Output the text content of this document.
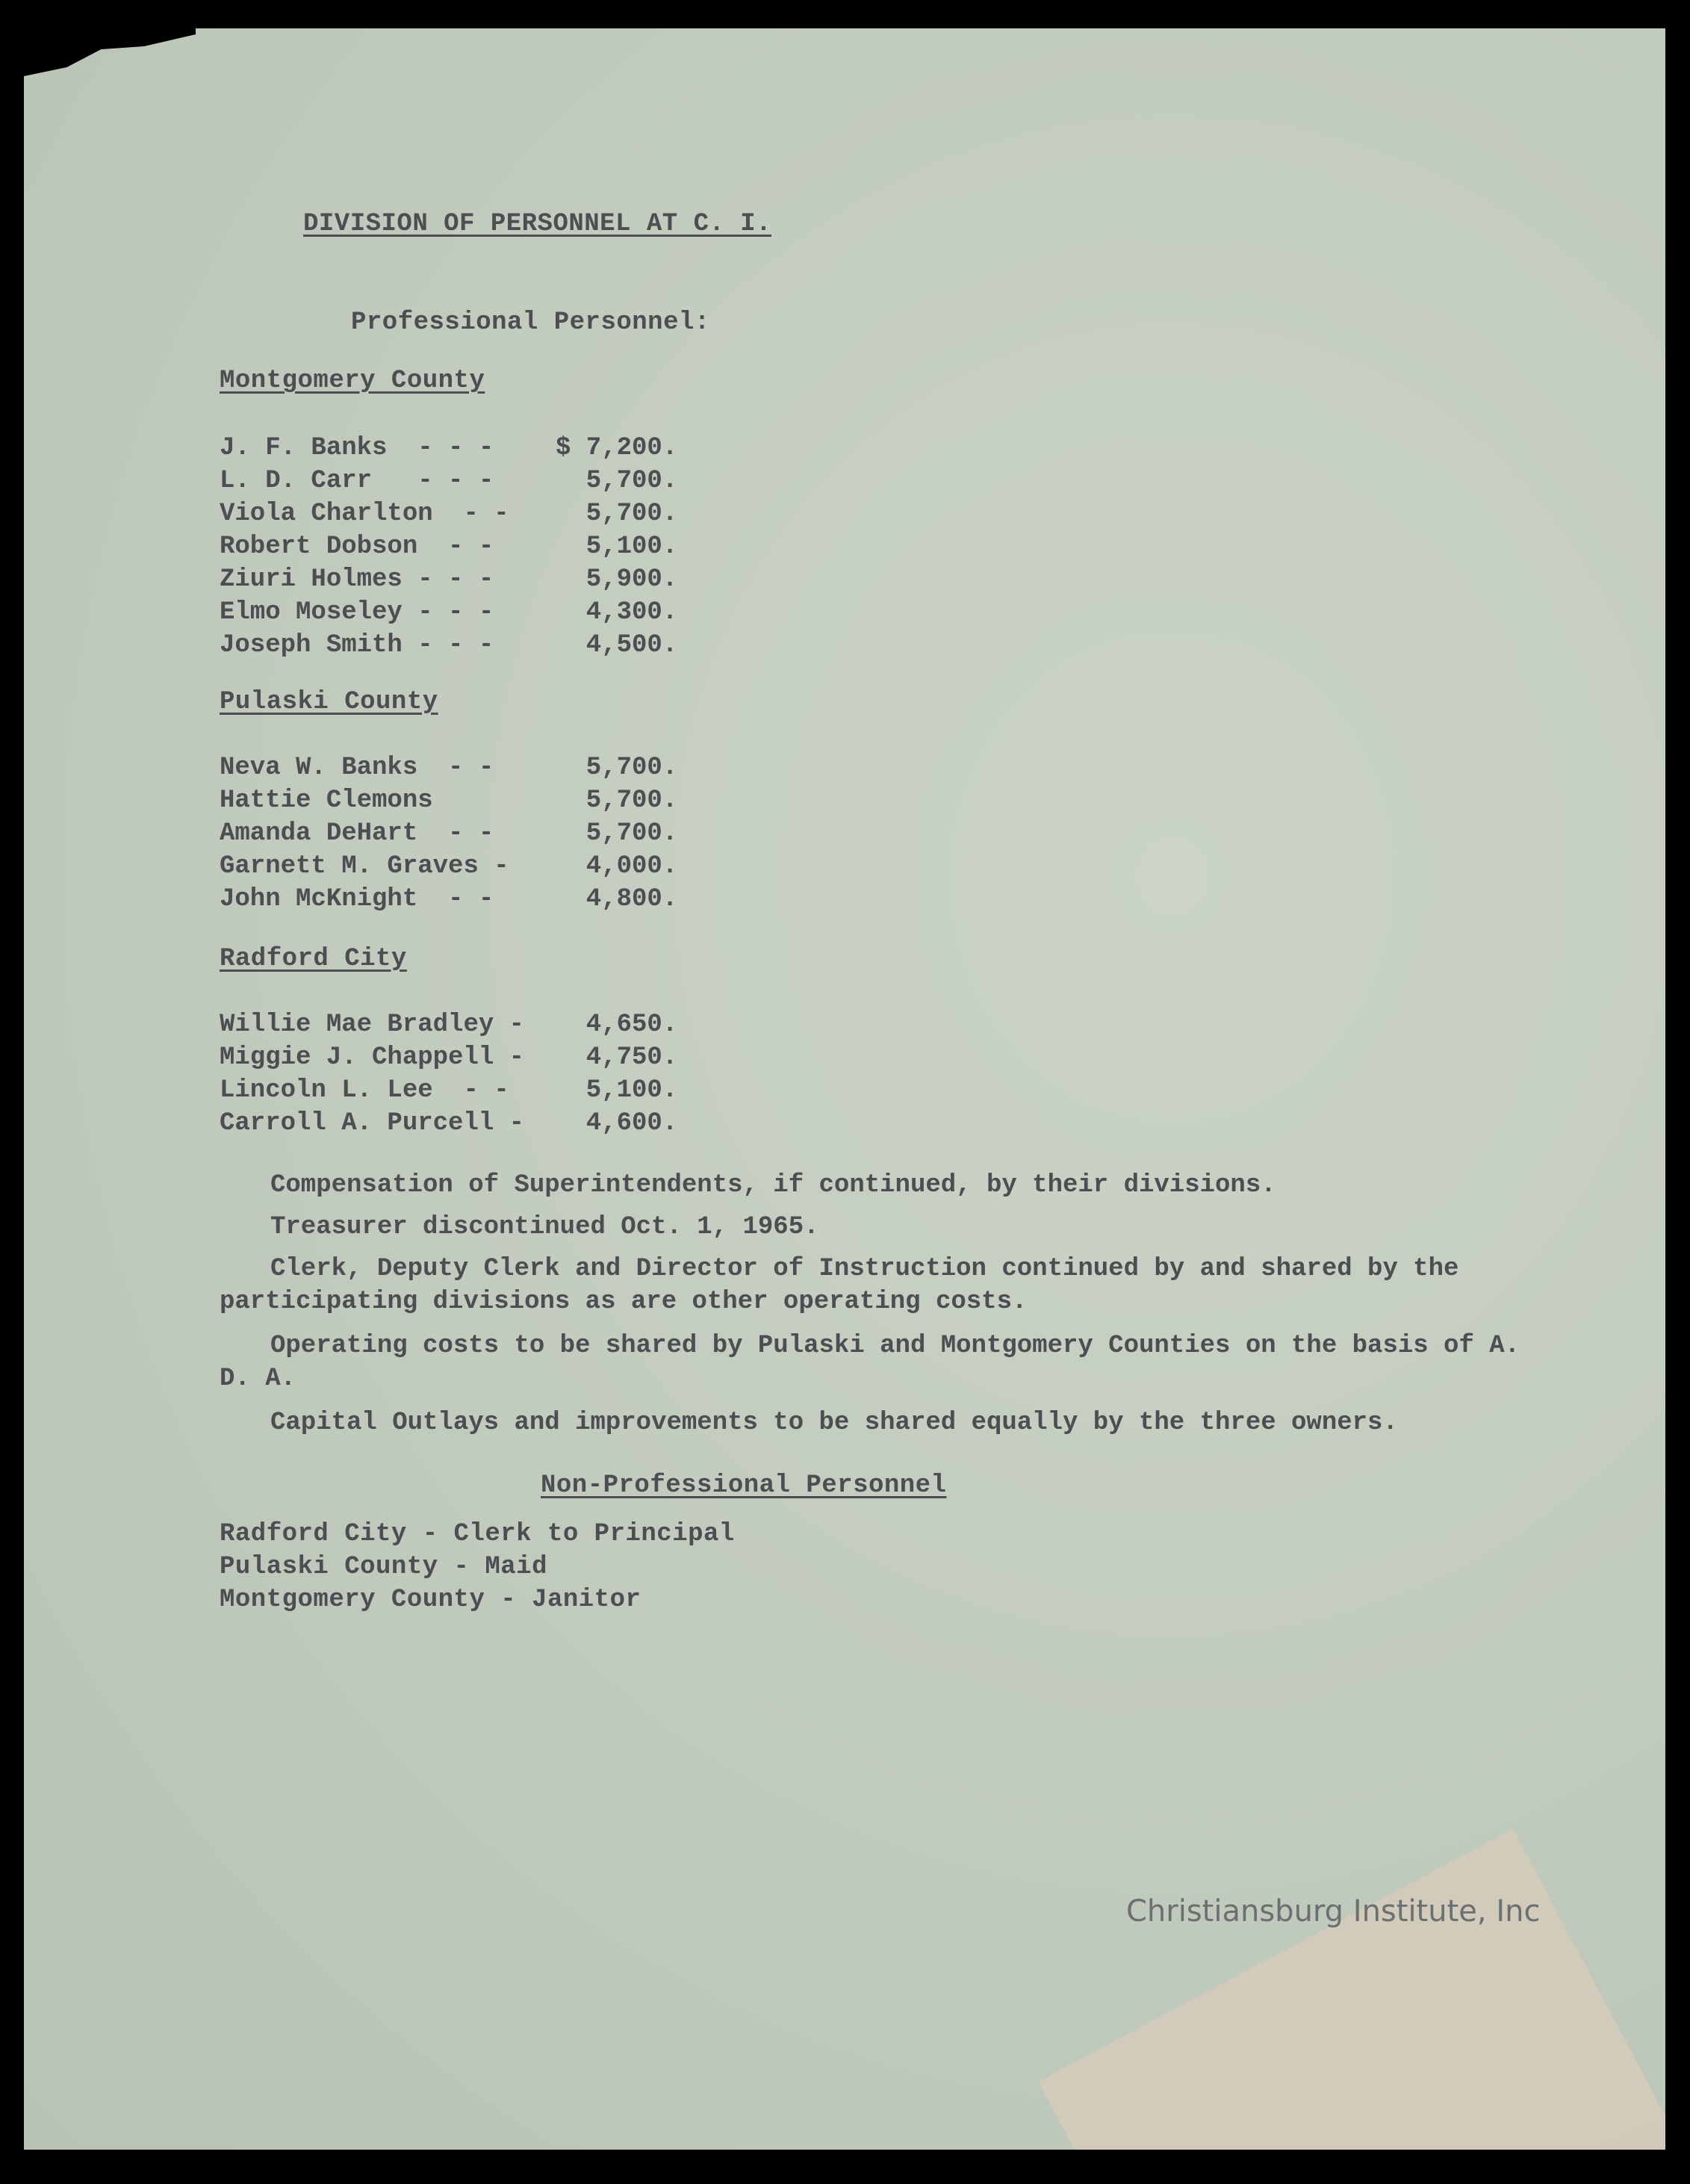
DIVISION OF PERSONNEL AT C. I.
Professional Personnel:
Montgomery County
J. F. Banks  - - - $ 7,200.
L. D. Carr   - - - 5,700.
Viola Charlton  - - 5,700.
Robert Dobson  - - 5,100.
Ziuri Holmes - - - 5,900.
Elmo Moseley - - - 4,300.
Joseph Smith - - - 4,500.
Pulaski County
Neva W. Banks  - - 5,700.
Hattie Clemons	5,700.
Amanda DeHart  - - 5,700.
Garnett M. Graves - 4,000.
John McKnight  - - 4,800.
Radford City
Willie Mae Bradley - 4,650.
Miggie J. Chappell - 4,750.
Lincoln L. Lee  - - 5,100.
Carroll A. Purcell - 4,600.
Compensation of Superintendents, if continued, by their divisions.
Treasurer discontinued Oct. 1, 1965.
Clerk, Deputy Clerk and Director of Instruction continued by and shared by the participating divisions as are other operating costs.
Operating costs to be shared by Pulaski and Montgomery Counties on the basis of A. D. A.
Capital Outlays and improvements to be shared equally by the three owners.
Non-Professional Personnel
Radford City - Clerk to Principal
Pulaski County - Maid
Montgomery County - Janitor
Christiansburg Institute, Inc
